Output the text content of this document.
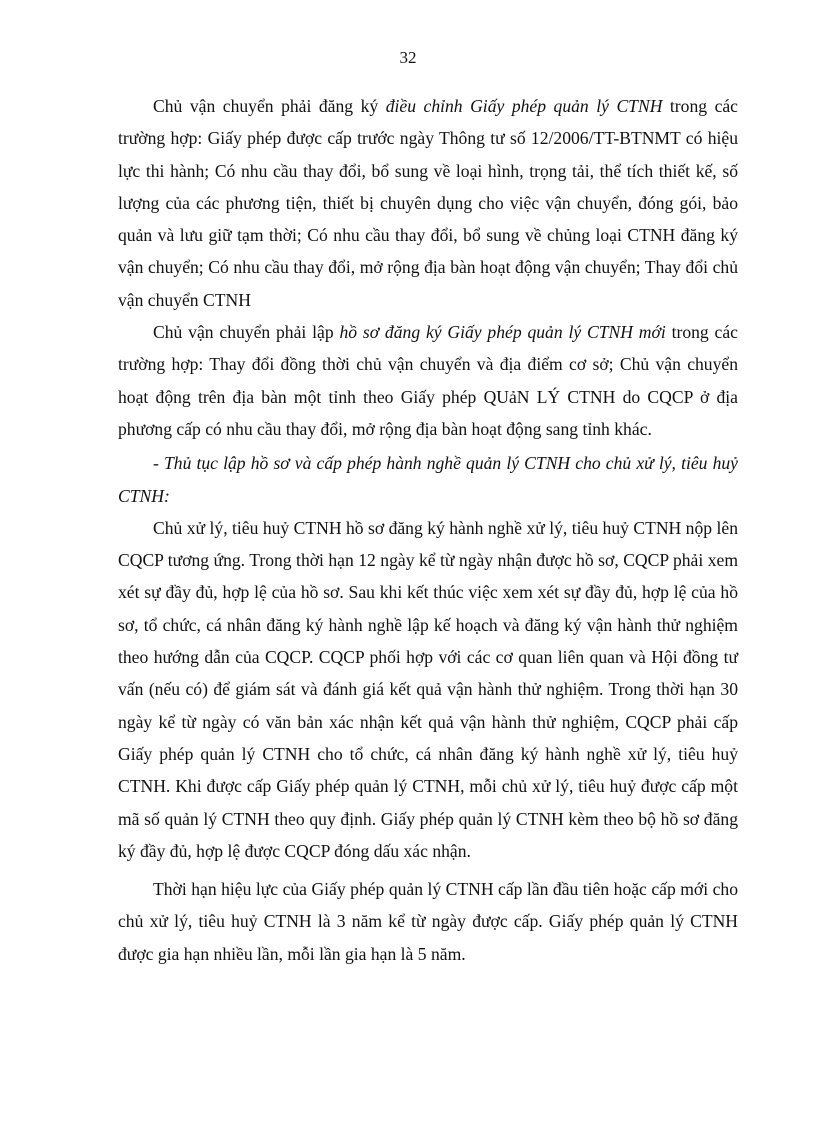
32

Chủ vận chuyển phải đăng ký điều chỉnh Giấy phép quản lý CTNH trong các trường hợp: Giấy phép được cấp trước ngày Thông tư số 12/2006/TT-BTNMT có hiệu lực thi hành; Có nhu cầu thay đổi, bổ sung về loại hình, trọng tải, thể tích thiết kế, số lượng của các phương tiện, thiết bị chuyên dụng cho việc vận chuyển, đóng gói, bảo quản và lưu giữ tạm thời; Có nhu cầu thay đổi, bổ sung về chủng loại CTNH đăng ký vận chuyển; Có nhu cầu thay đổi, mở rộng địa bàn hoạt động vận chuyển; Thay đổi chủ vận chuyển CTNH

Chủ vận chuyển phải lập hồ sơ đăng ký Giấy phép quản lý CTNH mới trong các trường hợp: Thay đổi đồng thời chủ vận chuyển và địa điểm cơ sở; Chủ vận chuyển hoạt động trên địa bàn một tỉnh theo Giấy phép QUảN LÝ CTNH do CQCP ở địa phương cấp có nhu cầu thay đổi, mở rộng địa bàn hoạt động sang tỉnh khác.

- Thủ tục lập hồ sơ và cấp phép hành nghề quản lý CTNH cho chủ xử lý, tiêu huỷ CTNH:

Chủ xử lý, tiêu huỷ CTNH hồ sơ đăng ký hành nghề xử lý, tiêu huỷ CTNH nộp lên CQCP tương ứng. Trong thời hạn 12 ngày kể từ ngày nhận được hồ sơ, CQCP phải xem xét sự đầy đủ, hợp lệ của hồ sơ. Sau khi kết thúc việc xem xét sự đầy đủ, hợp lệ của hồ sơ, tổ chức, cá nhân đăng ký hành nghề lập kế hoạch và đăng ký vận hành thử nghiệm theo hướng dẫn của CQCP. CQCP phối hợp với các cơ quan liên quan và Hội đồng tư vấn (nếu có) để giám sát và đánh giá kết quả vận hành thử nghiệm. Trong thời hạn 30 ngày kể từ ngày có văn bản xác nhận kết quả vận hành thử nghiệm, CQCP phải cấp Giấy phép quản lý CTNH cho tổ chức, cá nhân đăng ký hành nghề xử lý, tiêu huỷ CTNH. Khi được cấp Giấy phép quản lý CTNH, mỗi chủ xử lý, tiêu huỷ được cấp một mã số quản lý CTNH theo quy định. Giấy phép quản lý CTNH kèm theo bộ hồ sơ đăng ký đầy đủ, hợp lệ được CQCP đóng dấu xác nhận.

Thời hạn hiệu lực của Giấy phép quản lý CTNH cấp lần đầu tiên hoặc cấp mới cho chủ xử lý, tiêu huỷ CTNH là 3 năm kể từ ngày được cấp. Giấy phép quản lý CTNH được gia hạn nhiều lần, mỗi lần gia hạn là 5 năm.
